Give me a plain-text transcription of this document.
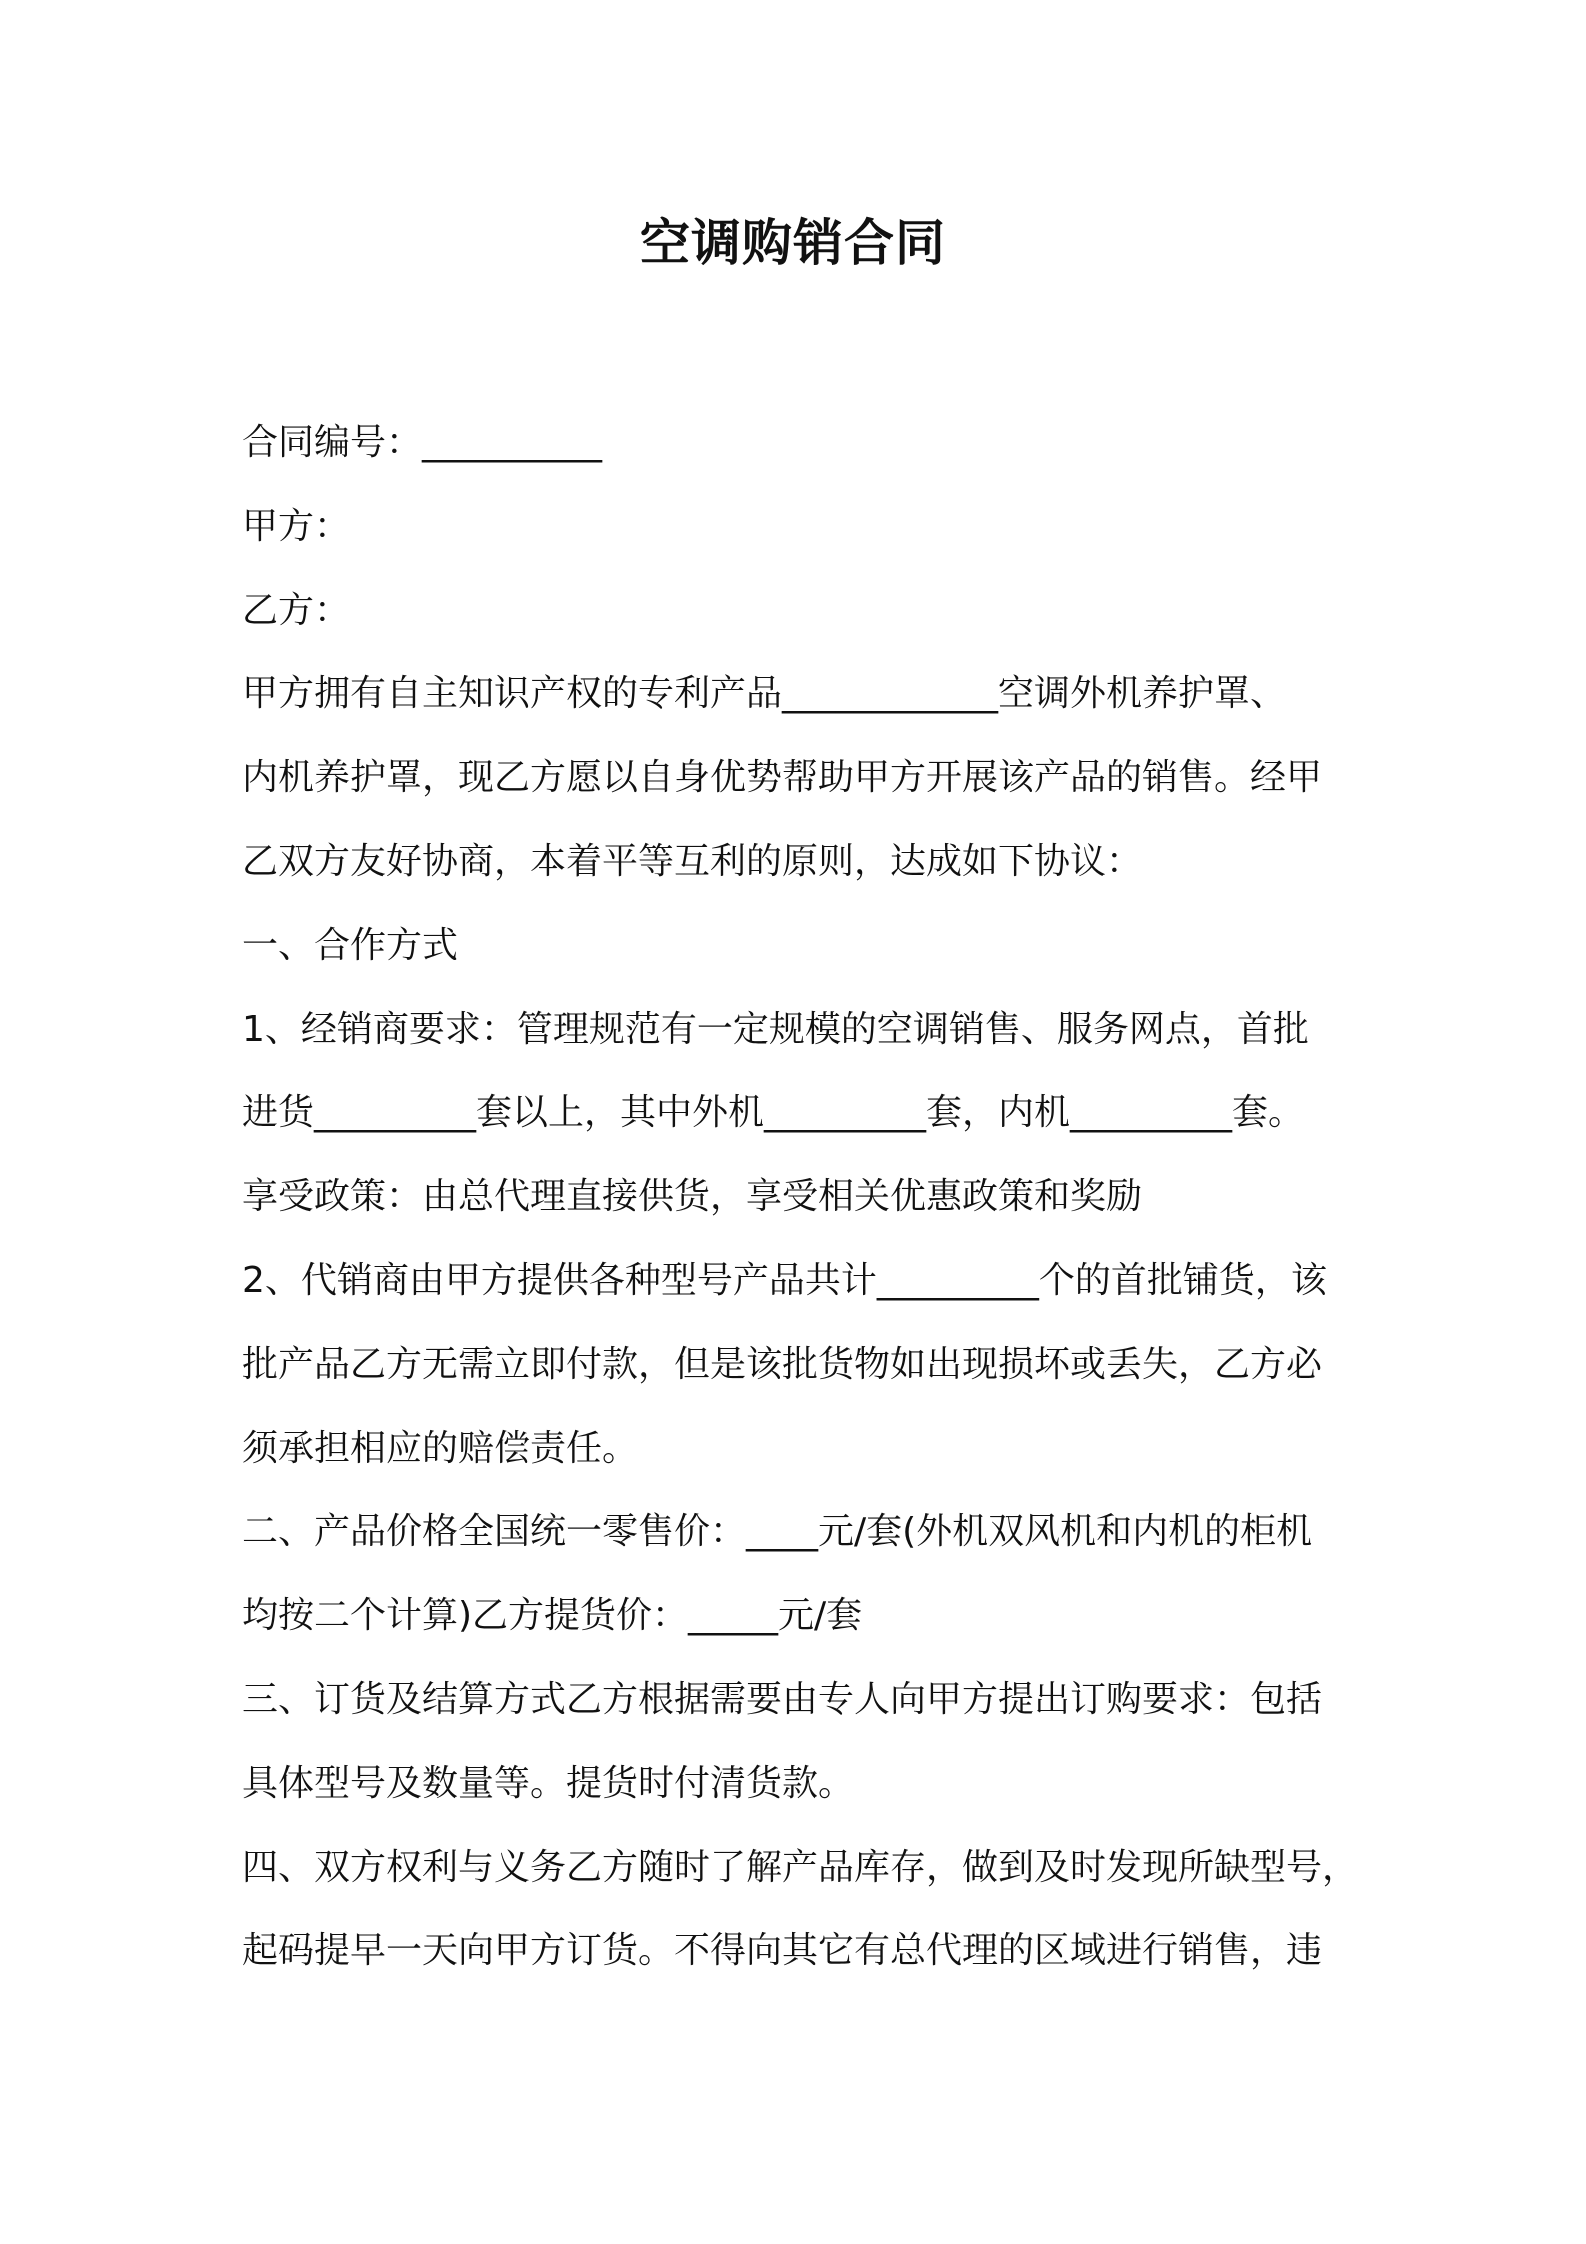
空调购销合同
合同编号：__________
甲方：
乙方：
甲方拥有自主知识产权的专利产品____________空调外机养护罩、
内机养护罩，现乙方愿以自身优势帮助甲方开展该产品的销售。经甲
乙双方友好协商，本着平等互利的原则，达成如下协议：
一、合作方式
1、经销商要求：管理规范有一定规模的空调销售、服务网点，首批
进货_________套以上，其中外机_________套，内机_________套。
享受政策：由总代理直接供货，享受相关优惠政策和奖励
2、代销商由甲方提供各种型号产品共计_________个的首批铺货，该
批产品乙方无需立即付款，但是该批货物如出现损坏或丢失，乙方必
须承担相应的赔偿责任。
二、产品价格全国统一零售价：____元/套(外机双风机和内机的柜机
均按二个计算)乙方提货价：_____元/套
三、订货及结算方式乙方根据需要由专人向甲方提出订购要求：包括
具体型号及数量等。提货时付清货款。
四、双方权利与义务乙方随时了解产品库存，做到及时发现所缺型号，
起码提早一天向甲方订货。不得向其它有总代理的区域进行销售，违
